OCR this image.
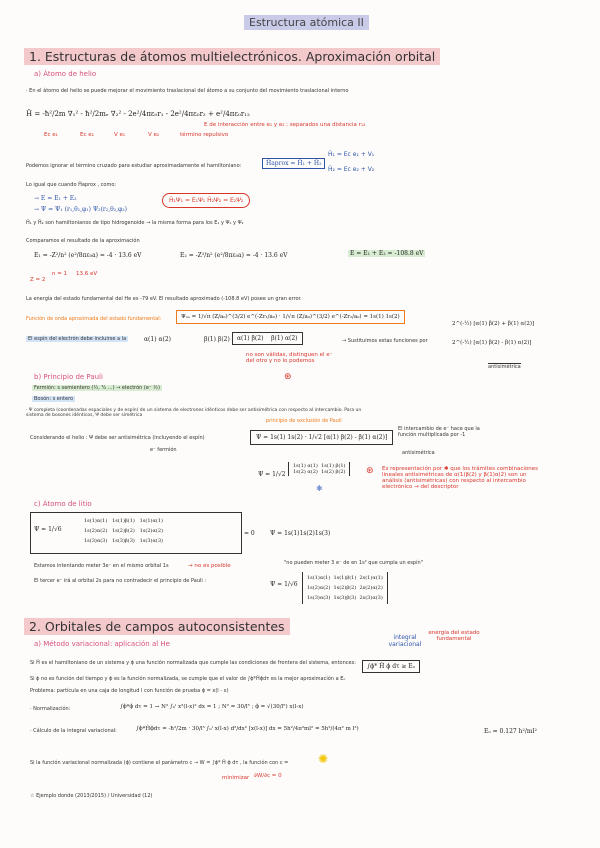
Estructura atómica II
1. Estructuras de átomos multielectrónicos. Aproximación orbital
a) Átomo de helio
· En el átomo del helio se puede mejorar el movimiento traslacional del átomo a su conjunto del movimiento traslacional interno
Ĥ = -ħ²/2m ∇₁² - ħ²/2mₑ ∇₂² - 2e²/4πε₀r₁ - 2e²/4πε₀r₂ + e²/4πε₀r₁₂
Ec e₁	Ec e₂	V e₁	V e₂	término repulsivo
E de interacción entre e₁ y e₂ ; separados una distancia r₁₂
Podemos ignorar el término cruzado para estudiar aproximadamente el hamiltoniano:	Ĥaprox = Ĥ₁ + Ĥ₂
Ĥ₁ = Ec e₁ + V₁
Ĥ₂ = Ec e₂ + V₂
Lo igual que cuando Ĥaprox , como:
→ E = E₁ + E₂
→ Ψ = Ψ₁ (r₁,θ₁,φ₁) Ψ₂(r₂,θ₂,φ₂)
Ĥ₁Ψ₁ = E₁Ψ₁ Ĥ₂Ψ₂ = E₂Ψ₂
Ĥ₁ y Ĥ₂ son hamiltonianos de tipo hidrogenoide → la misma forma para los E₁ y Ψ₁ y Ψ₂
Comparamos el resultado de la aproximación
E₁ = -Z²/n² (e²/8πε₀a) = -4 · 13.6 eV	E₂ = -Z²/n² (e²/8πε₀a) = -4 · 13.6 eV	E = E₁ + E₂ = -108.8 eV
Z = 2
n = 1 13.6 eV
La energía del estado fundamental del He es -79 eV. El resultado aproximado (-108.8 eV) posee un gran error.
Función de onda aproximada del estado fundamental:	Ψ₁ₛ = 1/√π (Z/a₀)^(3/2) e^(-Zr₁/a₀) · 1/√π (Z/a₀)^(3/2) e^(-Zr₂/a₀) = 1s(1) 1s(2)
El espín del electrón debe incluirse a la	α(1) α(2)	β(1) β(2)	α(1) β(2) β(1) α(2)
no son válidas, distinguen el e⁻ del otro y no lo podemos
⊛
→ Sustituimos estas funciones por
2^(-½) [α(1) β(2) + β(1) α(2)]
2^(-½) [α(1) β(2) - β(1) α(2)]
antisimétrica
b) Principio de Pauli
Fermión: s semientero (½, ³⁄₂ ...) → electrón (e⁻ ½)
Bosón: s entero
· Ψ completa (coordenadas espaciales y de espín) de un sistema de electrones idénticos debe ser antisimétrica con respecto al intercambio. Para un sistema de bosones idénticos, Ψ debe ser simétrica
principio de exclusión de Pauli
Considerando el helio : Ψ debe ser antisimétrica (incluyendo el espín)
e⁻ fermión
Ψ = 1s(1) 1s(2) · 1/√2 [α(1) β(2) - β(1) α(2)]
El intercambio de e⁻ hace que la función multiplicada por -1
antisimétrica
Ψ = 1/√2
1s(1) α(1) 1s(1) β(1)
1s(2) α(2) 1s(2) β(2) ⊛ Es representación por ✱ que los trámites combinaciones lineales antisimétricas de α(1)β(2) y β(1)α(2) son un análisis (antisimétricas) con respecto al intercambio electrónico → del descriptor
✱
c) Átomo de litio
Ψ = 1/√6
1s(1)α(1) 1s(1)β(1) 1s(1)α(1)
1s(2)α(2) 1s(2)β(2) 1s(2)α(2)
1s(3)α(3) 1s(3)β(3) 1s(3)α(3)
= 0	Ψ = 1s(1)1s(2)1s(3)
Estamos intentando meter 3e⁻ en el mismo orbital 1s	→ no es posible	"no pueden meter 3 e⁻ de en 1s² que cumpla un espín"
El tercer e⁻ irá al orbital 2s para no contradecir el principio de Pauli :	Ψ = 1/√6
1s(1)α(1) 1s(1)β(1) 2s(1)α(1)
1s(2)α(2) 1s(2)β(2) 2s(2)α(2)
1s(3)α(3) 1s(3)β(3) 2s(3)α(3)
2. Orbitales de campos autoconsistentes
a) Método variacional: aplicación al He
integral variacional
energía del estado fundamental
Si Ĥ es el hamiltoniano de un sistema y ϕ una función normalizada que cumple las condiciones de frontera del sistema, entonces:	∫ϕ* Ĥ ϕ dτ ≥ Eₒ
Si ϕ no es función del tiempo y ϕ es la función normalizada, se cumple que el valor de ∫ϕ*Ĥϕdτ es la mejor aproximación a Eₒ
Problema: partícula en una caja de longitud l con función de prueba ϕ = x(l - x)
· Normalización:	∫ϕ*ϕ dτ = 1 → N² ∫₀ˡ x²(l-x)² dx = 1 ; N² = 30/l⁵ ; ϕ = √(30/l⁵) x(l-x)
· Cálculo de la integral variacional:	∫ϕ*Ĥϕdτ = -ħ²/2m · 30/l⁵ ∫₀ˡ x(l-x) d²/dx² [x(l-x)] dx = 5h²/4π²ml² = 5h²/(4π² m l²)	Eₒ = 0.127 h²/ml²
Si la función variacional normalizada (ϕ) contiene el parámetro c → W = ∫ϕ* Ĥ ϕ dτ , la función con c = ✺
minimizar ∂W/∂c = 0
☆ Ejemplo donde (2013/2015) / Universidad (12)
